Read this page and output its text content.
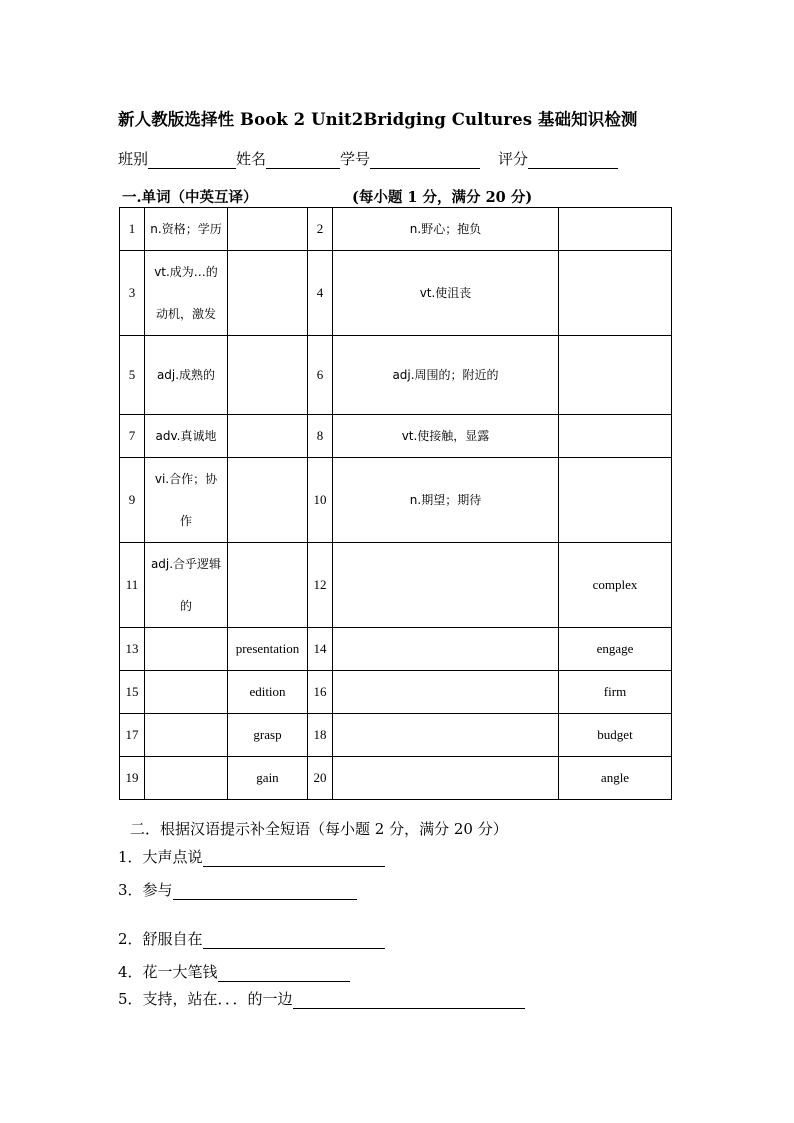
新人教版选择性 Book 2 Unit2Bridging Cultures 基础知识检测
班别	姓名	学号	评分
一.单词（中英互译）	(每小题 1 分，满分 20 分)
1	n.资格；学历		2	n.野心；抱负	
3	vt.成为…的动机，激发		4	vt.使沮丧	
5	adj.成熟的		6	adj.周围的；附近的	
7	adv.真诚地		8	vt.使接触，显露	
9	vi.合作；协作		10	n.期望；期待	
11	adj.合乎逻辑的		12		complex
13		presentation	14		engage
15		edition	16		firm
17		grasp	18		budget
19		gain	20		angle
二．根据汉语提示补全短语（每小题 2 分，满分 20 分）
1．大声点说
3．参与
2．舒服自在
4．花一大笔钱
5．支持，站在．．．的一边
